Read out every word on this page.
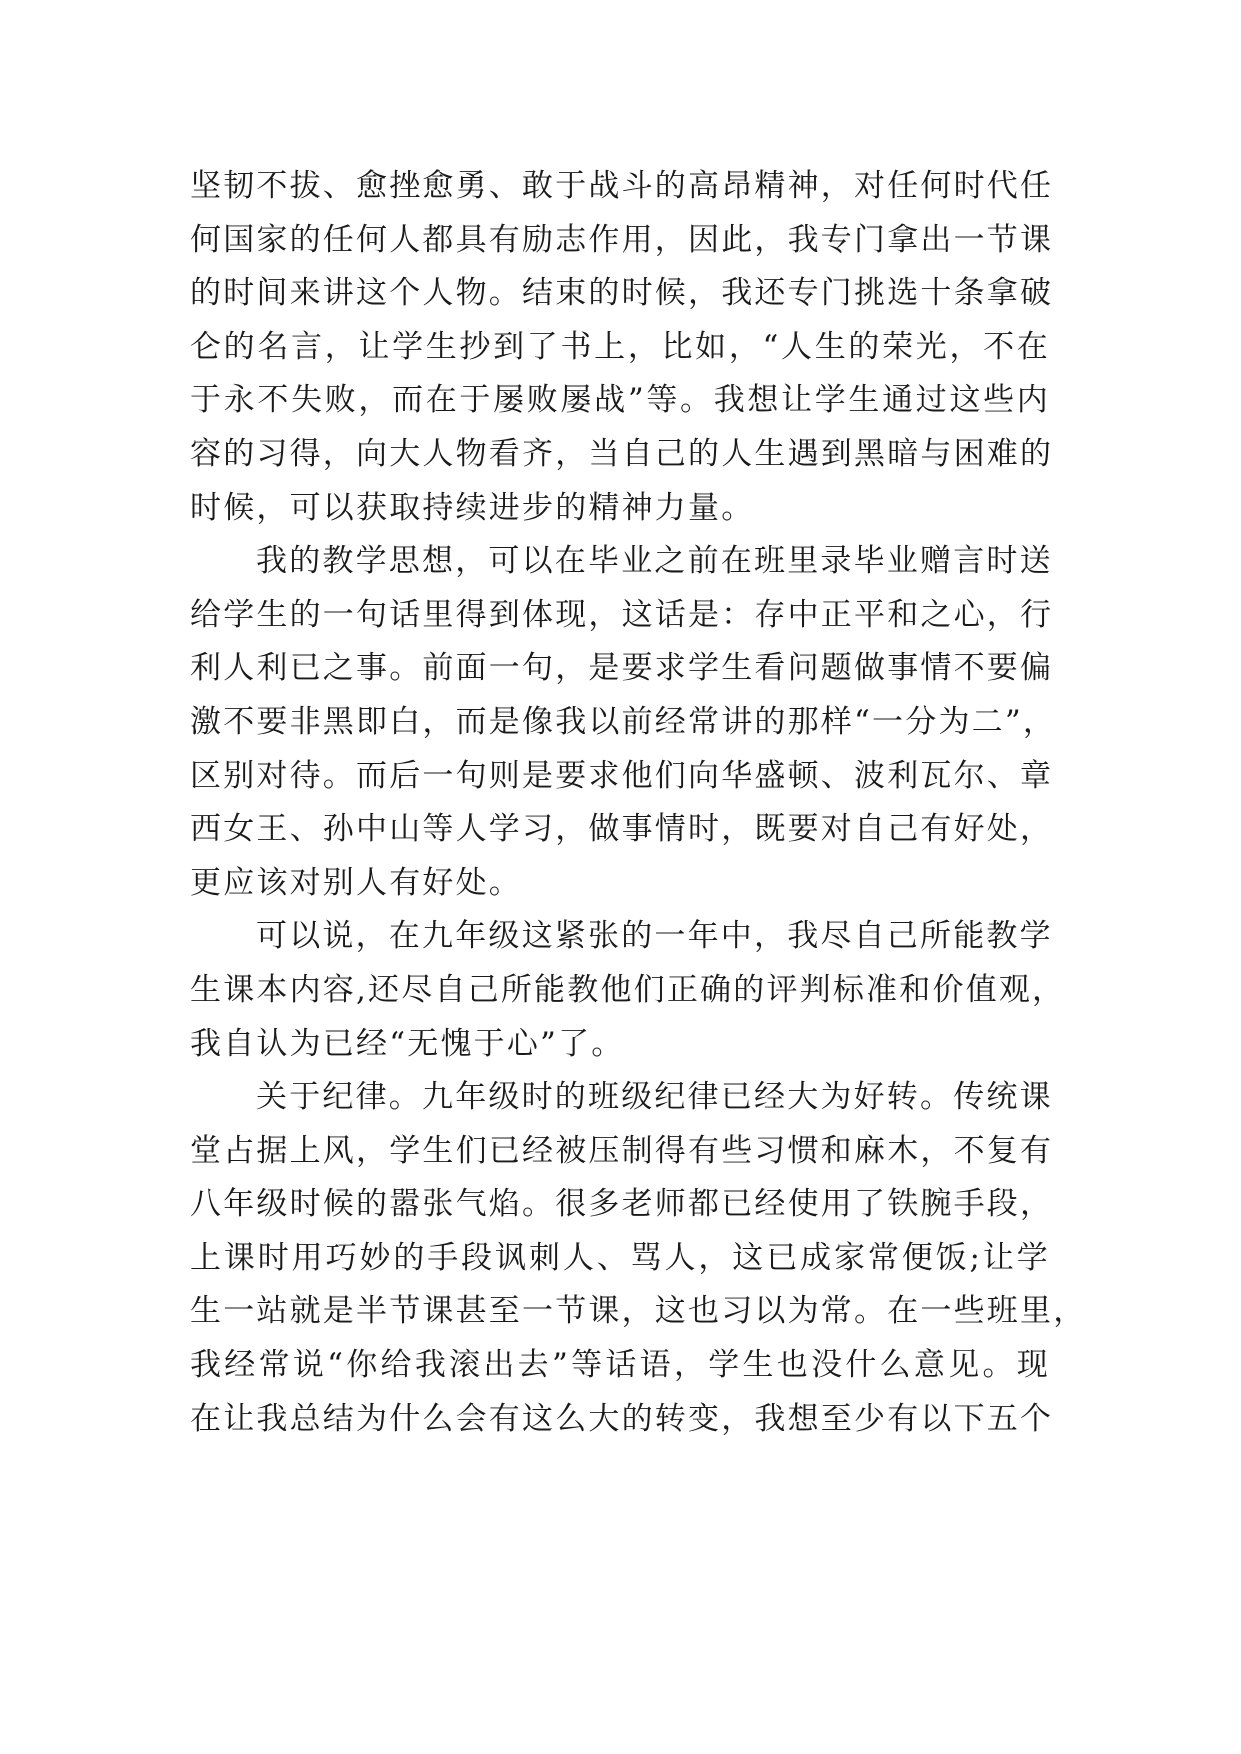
坚韧不拔、愈挫愈勇、敢于战斗的高昂精神，对任何时代任
何国家的任何人都具有励志作用，因此，我专门拿出一节课
的时间来讲这个人物。结束的时候，我还专门挑选十条拿破
仑的名言，让学生抄到了书上，比如，“人生的荣光，不在
于永不失败，而在于屡败屡战”等。我想让学生通过这些内
容的习得，向大人物看齐，当自己的人生遇到黑暗与困难的
时候，可以获取持续进步的精神力量。

我的教学思想，可以在毕业之前在班里录毕业赠言时送
给学生的一句话里得到体现，这话是：存中正平和之心，行
利人利已之事。前面一句，是要求学生看问题做事情不要偏
激不要非黑即白，而是像我以前经常讲的那样“一分为二”，
区别对待。而后一句则是要求他们向华盛顿、波利瓦尔、章
西女王、孙中山等人学习，做事情时，既要对自己有好处，
更应该对别人有好处。

可以说，在九年级这紧张的一年中，我尽自己所能教学
生课本内容,还尽自己所能教他们正确的评判标准和价值观，
我自认为已经“无愧于心”了。

关于纪律。九年级时的班级纪律已经大为好转。传统课
堂占据上风，学生们已经被压制得有些习惯和麻木，不复有
八年级时候的嚣张气焰。很多老师都已经使用了铁腕手段，
上课时用巧妙的手段讽刺人、骂人，这已成家常便饭;让学
生一站就是半节课甚至一节课，这也习以为常。在一些班里，
我经常说“你给我滚出去”等话语，学生也没什么意见。现
在让我总结为什么会有这么大的转变，我想至少有以下五个
